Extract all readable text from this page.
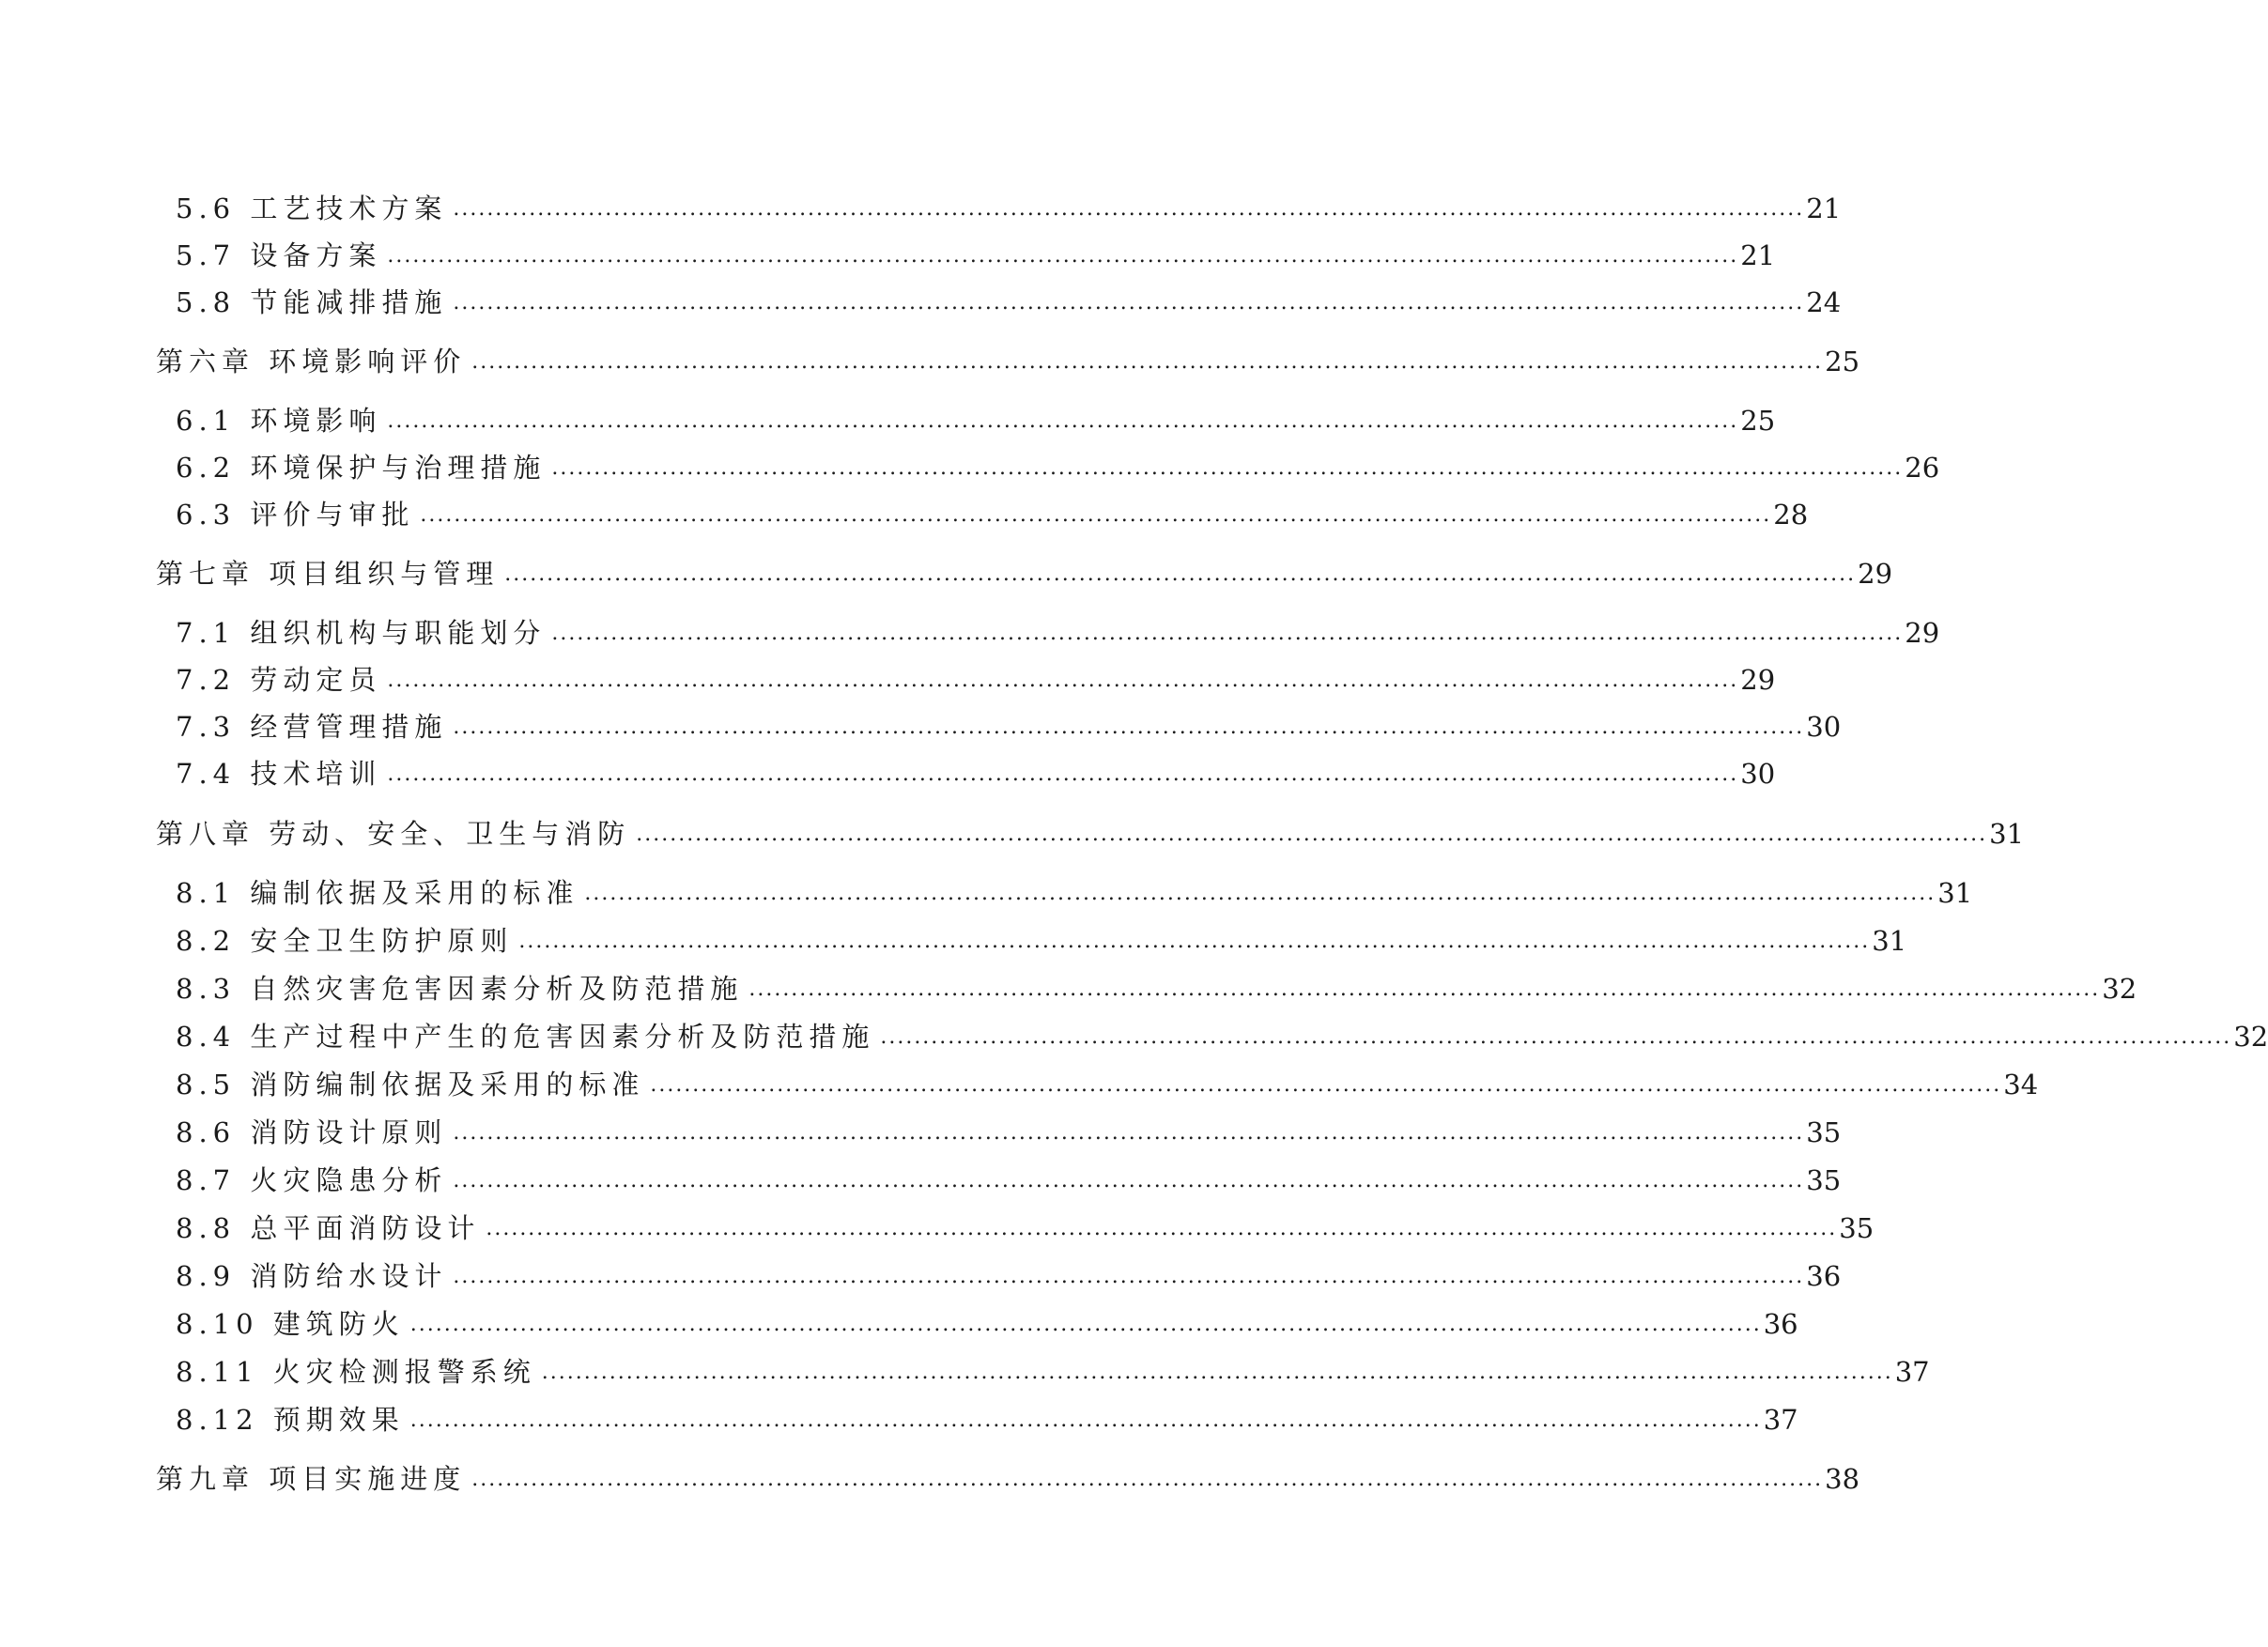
5.6 工艺技术方案 ................................................................................................................................................................ 21
5.7 设备方案 ................................................................................................................................................................ 21
5.8 节能减排措施 ................................................................................................................................................................ 24
第六章 环境影响评价 ................................................................................................................................................................ 25
6.1 环境影响 ................................................................................................................................................................ 25
6.2 环境保护与治理措施 ................................................................................................................................................................ 26
6.3 评价与审批 ................................................................................................................................................................ 28
第七章 项目组织与管理 ................................................................................................................................................................ 29
7.1 组织机构与职能划分 ................................................................................................................................................................ 29
7.2 劳动定员 ................................................................................................................................................................ 29
7.3 经营管理措施 ................................................................................................................................................................ 30
7.4 技术培训 ................................................................................................................................................................ 30
第八章 劳动、安全、卫生与消防 ................................................................................................................................................................ 31
8.1 编制依据及采用的标准 ................................................................................................................................................................ 31
8.2 安全卫生防护原则 ................................................................................................................................................................ 31
8.3 自然灾害危害因素分析及防范措施 ................................................................................................................................................................ 32
8.4 生产过程中产生的危害因素分析及防范措施 ................................................................................................................................................................ 32
8.5 消防编制依据及采用的标准 ................................................................................................................................................................ 34
8.6 消防设计原则 ................................................................................................................................................................ 35
8.7 火灾隐患分析 ................................................................................................................................................................ 35
8.8 总平面消防设计 ................................................................................................................................................................ 35
8.9 消防给水设计 ................................................................................................................................................................ 36
8.10 建筑防火 ................................................................................................................................................................ 36
8.11 火灾检测报警系统 ................................................................................................................................................................ 37
8.12 预期效果 ................................................................................................................................................................ 37
第九章 项目实施进度 ................................................................................................................................................................ 38
